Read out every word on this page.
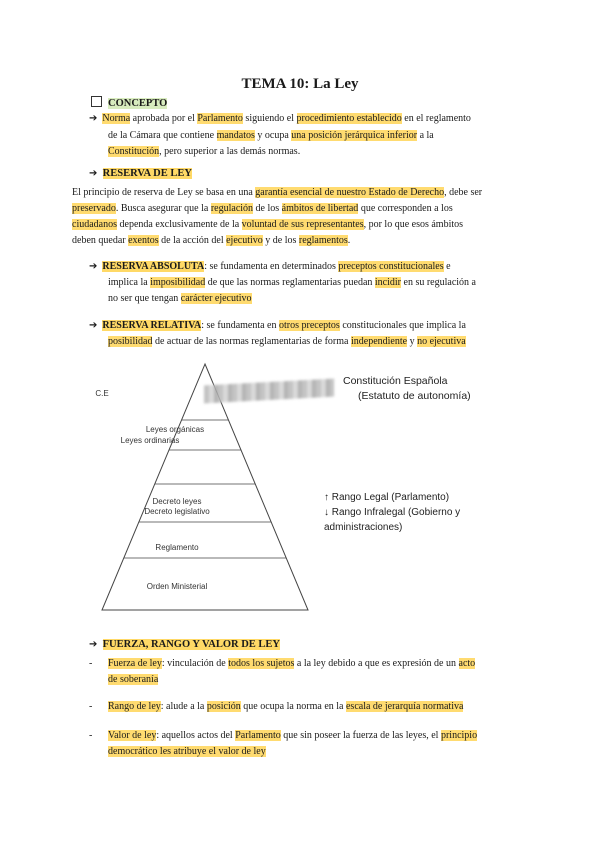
TEMA 10: La Ley
CONCEPTO
➔ Norma aprobada por el Parlamento siguiendo el procedimiento establecido en el reglamento
de la Cámara que contiene mandatos y ocupa una posición jerárquica inferior a la
Constitución, pero superior a las demás normas.
➔ RESERVA DE LEY
El principio de reserva de Ley se basa en una garantía esencial de nuestro Estado de Derecho, debe ser
preservado. Busca asegurar que la regulación de los ámbitos de libertad que corresponden a los
ciudadanos dependa exclusivamente de la voluntad de sus representantes, por lo que esos ámbitos
deben quedar exentos de la acción del ejecutivo y de los reglamentos.
➔ RESERVA ABSOLUTA: se fundamenta en determinados preceptos constitucionales e
implica la imposibilidad de que las normas reglamentarias puedan incidir en su regulación a
no ser que tengan carácter ejecutivo
➔ RESERVA RELATIVA: se fundamenta en otros preceptos constitucionales que implica la
posibilidad de actuar de las normas reglamentarias de forma independiente y no ejecutiva
C.E
Leyes orgánicas
Leyes ordinarias
Decreto leyes
Decreto legislativo
Reglamento
Orden Ministerial
Constitución Española
(Estatuto de autonomía)
↑ Rango Legal (Parlamento)
↓ Rango Infralegal (Gobierno y
administraciones)
➔ FUERZA, RANGO Y VALOR DE LEY
- Fuerza de ley: vinculación de todos los sujetos a la ley debido a que es expresión de un acto
de soberanía
- Rango de ley: alude a la posición que ocupa la norma en la escala de jerarquía normativa
- Valor de ley: aquellos actos del Parlamento que sin poseer la fuerza de las leyes, el principio
democrático les atribuye el valor de ley
